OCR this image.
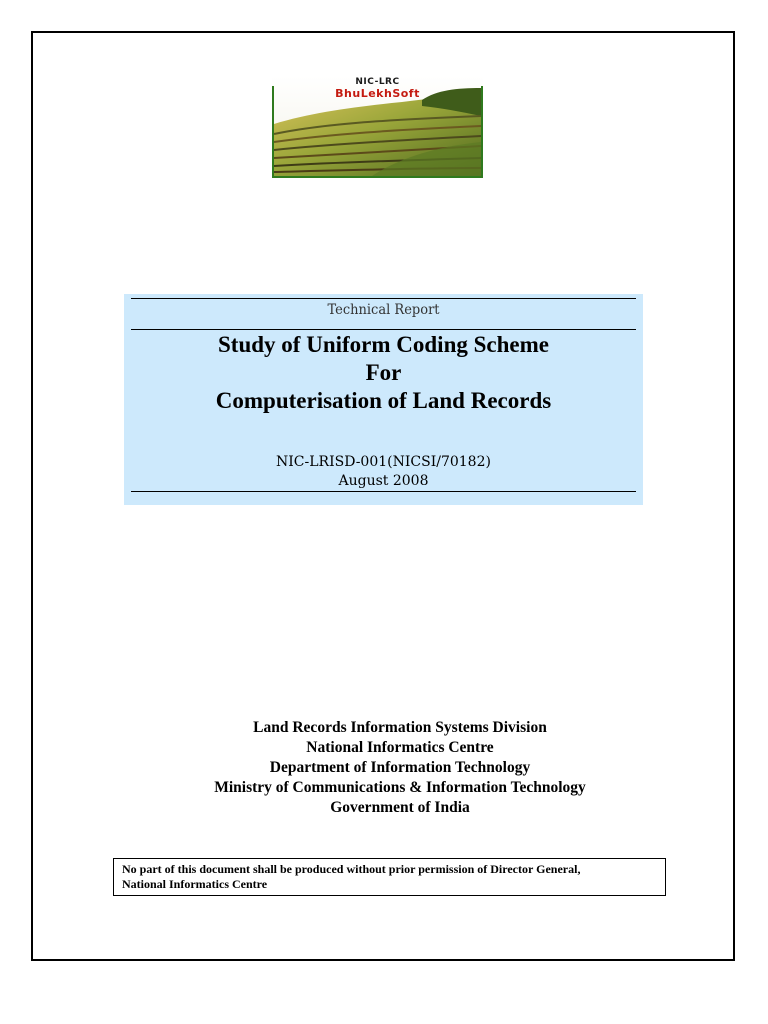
NIC-LRC
BhuLekhSoft
Technical Report
Study of Uniform Coding Scheme
For
Computerisation of Land Records
NIC-LRISD-001(NICSI/70182)
August 2008
Land Records Information Systems Division
National Informatics Centre
Department of Information Technology
Ministry of Communications & Information Technology
Government of India
No part of this document shall be produced without prior permission of Director General,
National Informatics Centre
